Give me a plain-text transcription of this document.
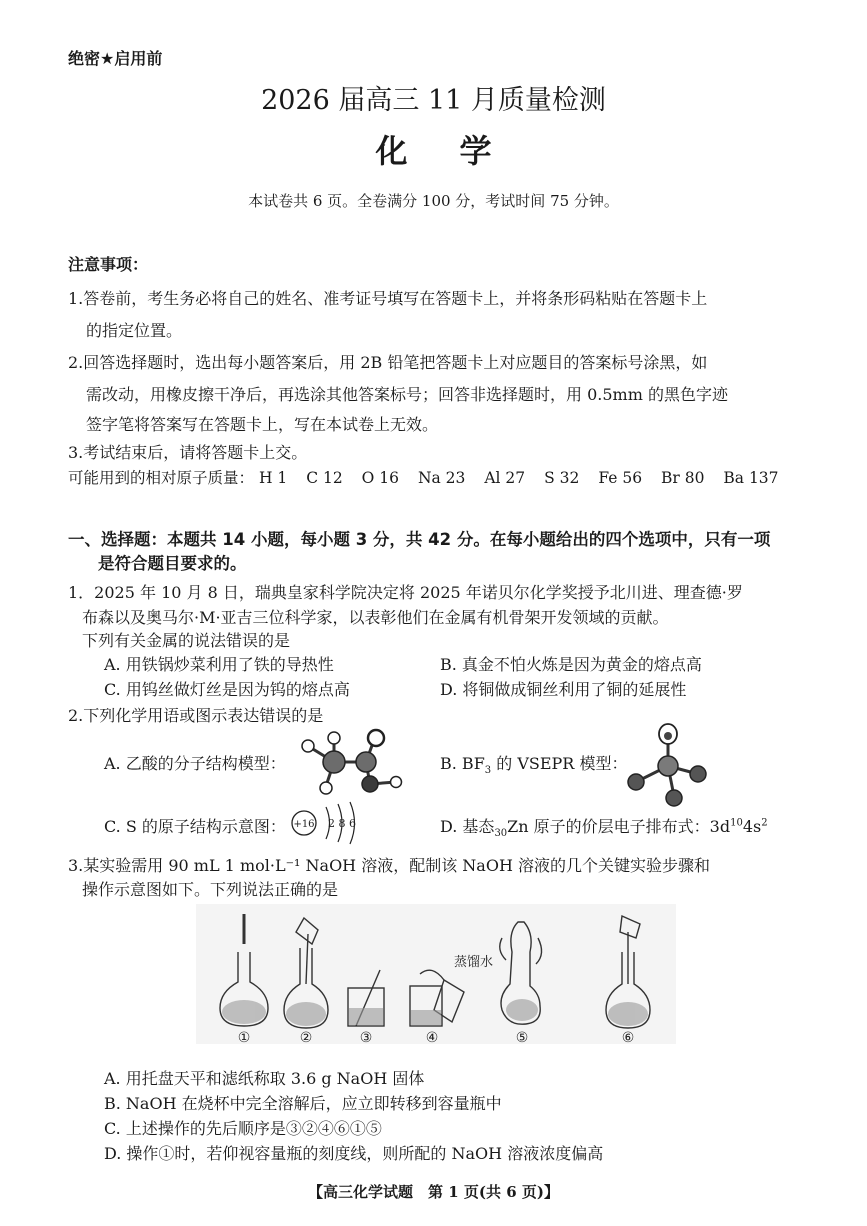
绝密★启用前
2026 届高三 11 月质量检测
化学
本试卷共 6 页。全卷满分 100 分，考试时间 75 分钟。
注意事项：
1.答卷前，考生务必将自己的姓名、准考证号填写在答题卡上，并将条形码粘贴在答题卡上
的指定位置。
2.回答选择题时，选出每小题答案后，用 2B 铅笔把答题卡上对应题目的答案标号涂黑，如
需改动，用橡皮擦干净后，再选涂其他答案标号；回答非选择题时，用 0.5mm 的黑色字迹
签字笔将答案写在答题卡上，写在本试卷上无效。
3.考试结束后，请将答题卡上交。
可能用到的相对原子质量： H 1 C 12 O 16 Na 23 Al 27 S 32 Fe 56 Br 80 Ba 137
一、选择题：本题共 14 小题，每小题 3 分，共 42 分。在每小题给出的四个选项中，只有一项
是符合题目要求的。
1．2025 年 10 月 8 日，瑞典皇家科学院决定将 2025 年诺贝尔化学奖授予北川进、理查德·罗
布森以及奥马尔·M·亚吉三位科学家，以表彰他们在金属有机骨架开发领域的贡献。
下列有关金属的说法错误的是
A. 用铁锅炒菜利用了铁的导热性	B. 真金不怕火炼是因为黄金的熔点高
C. 用钨丝做灯丝是因为钨的熔点高	D. 将铜做成铜丝利用了铜的延展性
2.下列化学用语或图示表达错误的是
A. 乙酸的分子结构模型：	B. $BF_3$ 的 VSEPR 模型：
C. S 的原子结构示意图： +16 2 8 6	D. 基态$_{30}$Zn 原子的价层电子排布式：$3d^{10}4s^2$
3.某实验需用 90 mL 1 mol·L⁻¹ NaOH 溶液，配制该 NaOH 溶液的几个关键实验步骤和
操作示意图如下。下列说法正确的是
蒸馏水
①	②	③	④	⑤	⑥
A. 用托盘天平和滤纸称取 3.6 g NaOH 固体
B. NaOH 在烧杯中完全溶解后，应立即转移到容量瓶中
C. 上述操作的先后顺序是③②④⑥①⑤
D. 操作①时，若仰视容量瓶的刻度线，则所配的 NaOH 溶液浓度偏高
【高三化学试题　第 1 页(共 6 页)】
